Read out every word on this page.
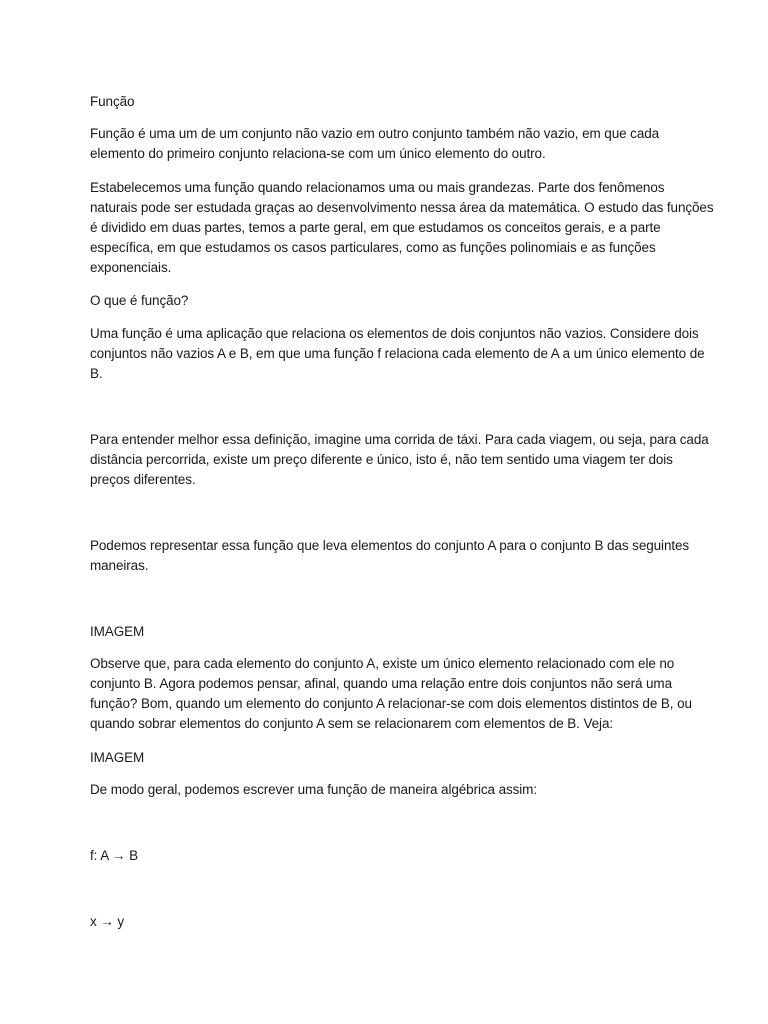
Função

Função é uma um de um conjunto não vazio em outro conjunto também não vazio, em que cada
elemento do primeiro conjunto relaciona-se com um único elemento do outro.

Estabelecemos uma função quando relacionamos uma ou mais grandezas. Parte dos fenômenos
naturais pode ser estudada graças ao desenvolvimento nessa área da matemática. O estudo das funções
é dividido em duas partes, temos a parte geral, em que estudamos os conceitos gerais, e a parte
específica, em que estudamos os casos particulares, como as funções polinomiais e as funções
exponenciais.

O que é função?

Uma função é uma aplicação que relaciona os elementos de dois conjuntos não vazios. Considere dois
conjuntos não vazios A e B, em que uma função f relaciona cada elemento de A a um único elemento de
B.

Para entender melhor essa definição, imagine uma corrida de táxi. Para cada viagem, ou seja, para cada
distância percorrida, existe um preço diferente e único, isto é, não tem sentido uma viagem ter dois
preços diferentes.

Podemos representar essa função que leva elementos do conjunto A para o conjunto B das seguintes
maneiras.

IMAGEM

Observe que, para cada elemento do conjunto A, existe um único elemento relacionado com ele no
conjunto B. Agora podemos pensar, afinal, quando uma relação entre dois conjuntos não será uma
função? Bom, quando um elemento do conjunto A relacionar-se com dois elementos distintos de B, ou
quando sobrar elementos do conjunto A sem se relacionarem com elementos de B. Veja:

IMAGEM

De modo geral, podemos escrever uma função de maneira algébrica assim:

f: A → B

x → y
